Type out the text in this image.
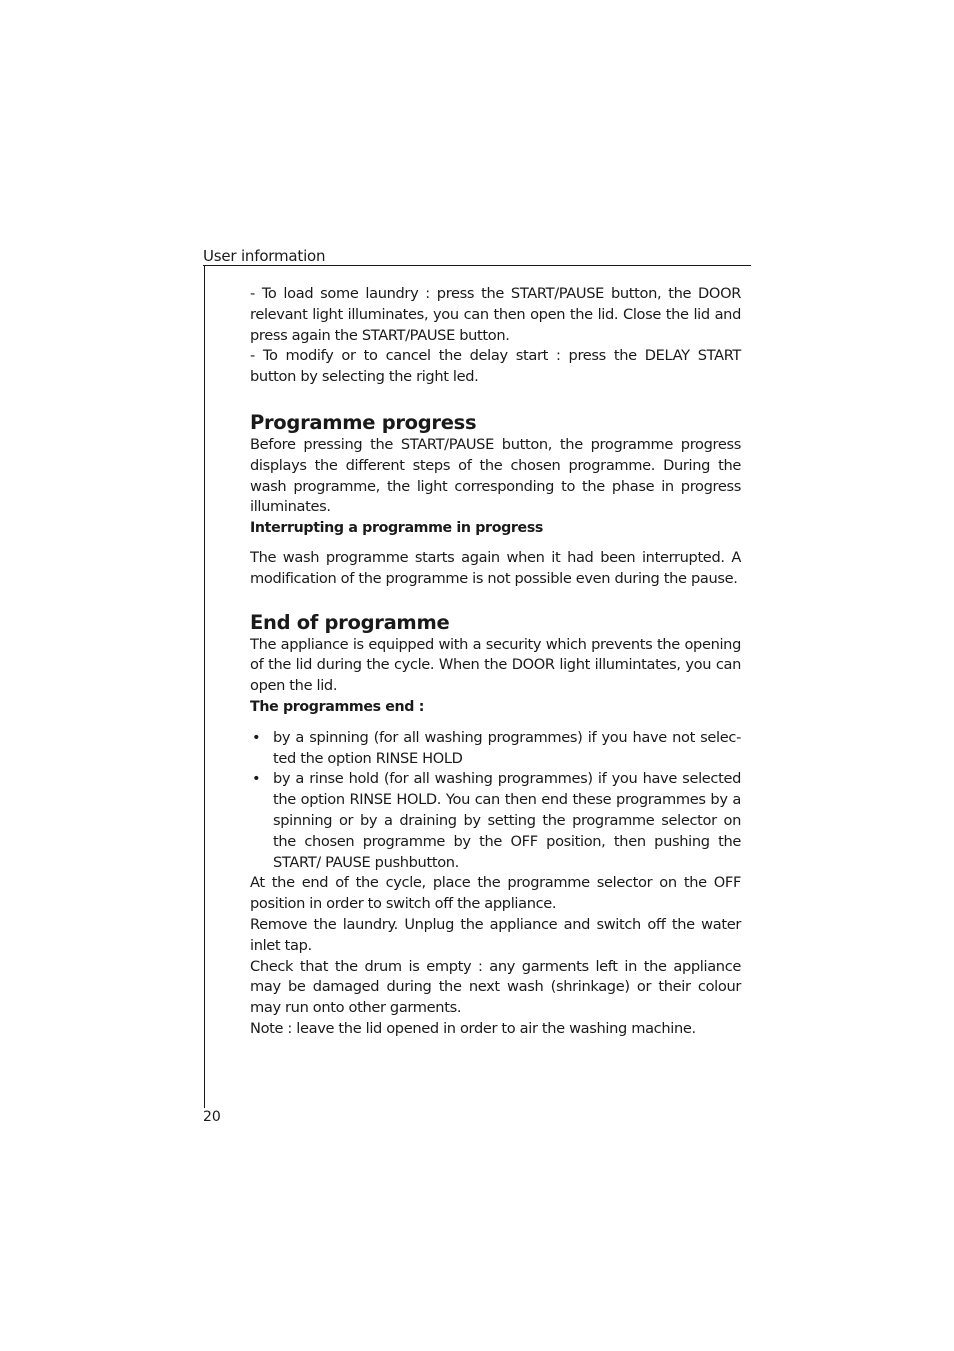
User information

- To load some laundry : press the START/PAUSE button, the DOOR relevant light illuminates, you can then open the lid. Close the lid and press again the START/PAUSE button.

- To modify or to cancel the delay start : press the DELAY START button by selecting the right led.

Programme progress

Before pressing the START/PAUSE button, the programme progress displays the different steps of the chosen programme. During the wash programme, the light corresponding to the phase in progress illuminates.

Interrupting a programme in progress

The wash programme starts again when it had been interrupted. A modification of the programme is not possible even during the pause.

End of programme

The appliance is equipped with a security which prevents the opening of the lid during the cycle. When the DOOR light illumintates, you can open the lid.

The programmes end :

• by a spinning (for all washing programmes) if you have not selec-ted the option RINSE HOLD
• by a rinse hold (for all washing programmes) if you have selected the option RINSE HOLD. You can then end these programmes by a spinning or by a draining by setting the programme selector on the chosen programme by the OFF position, then pushing the START/ PAUSE pushbutton.

At the end of the cycle, place the programme selector on the OFF position in order to switch off the appliance.

Remove the laundry. Unplug the appliance and switch off the water inlet tap.

Check that the drum is empty : any garments left in the appliance may be damaged during the next wash (shrinkage) or their colour may run onto other garments.

Note : leave the lid opened in order to air the washing machine.

20
